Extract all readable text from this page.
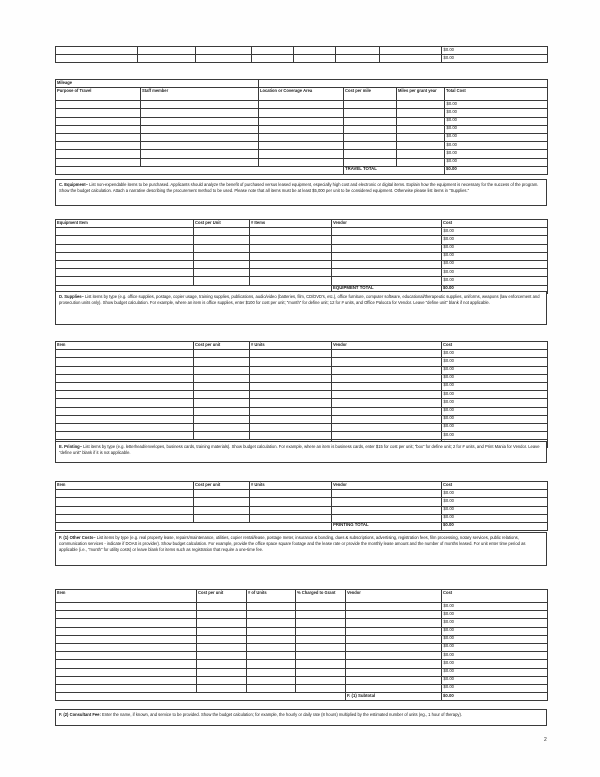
							$0.00
							$0.00
Mileage					
Purpose of Travel	Staff member	Location or Coverage Area	Cost per mile	Miles per grant year	Total Cost
					$0.00
					$0.00
					$0.00
					$0.00
					$0.00
					$0.00
					$0.00
					$0.00
			TRAVEL TOTAL		$0.00
C. Equipment– List non-expendable items to be purchased. Applicants should analyze the benefit of purchased versus leased equipment, especially high cost and electronic or digital items. Explain how the equipment is necessary for the success of the program. Show the budget calculation. Attach a narrative describing the procurement method to be used. Please note that all items must be at least $5,000 per unit to be considered equipment. Otherwise please list items in "Supplies."
Equipment Item	Cost per Unit	# Items	Vendor	Cost
				$0.00
				$0.00
				$0.00
				$0.00
				$0.00
				$0.00
				$0.00
			EQUIPMENT TOTAL	$0.00
D. Supplies– List items by type (e.g. office supplies, postage, copier usage, training supplies, publications, audio/video (batteries, film, CD/DVD's, etc.), office furniture, computer software, educational/therapeutic supplies, uniforms, weapons (law enforcement and prosecution units only). Show budget calculation. For example, where an item is office supplies, enter $100 for cost per unit; "month" for define unit; 12 for # units, and Office Palooza for Vendor. Leave "define unit" blank if not applicable.
Item	Cost per unit	# Units	Vendor	Cost
				$0.00
				$0.00
				$0.00
				$0.00
				$0.00
				$0.00
				$0.00
				$0.00
				$0.00
				$0.00
				$0.00

E. Printing– List items by type (e.g. letterhead/envelopes, business cards, training materials). Show budget calculation. For example, where an item is business cards, enter $15 for cost per unit; "box" for define unit; 2 for # units, and Print Mania for Vendor. Leave "define unit" blank if it is not applicable.
Item	Cost per unit	# Units	Vendor	Cost
				$0.00
				$0.00
				$0.00
				$0.00
			PRINTING TOTAL	$0.00
F. (1) Other Costs– List items by type (e.g. real property lease, repairs/maintenance, utilities, copier rental/lease, postage meter, insurance & bonding, dues & subscriptions, advertising, registration fees, film processing, notary services, public relations, communication services - indicate if DOAS is provider). Show budget calculation. For example, provide the office space square footage and the lease rate or provide the monthly lease amount and the number of months leased. For unit enter time period as applicable (i.e., "month" for utility costs) or leave blank for items such as registration that require a one-time fee.
Item	Cost per unit	# of Units	% Charged to Grant	Vendor	Cost
					$0.00
					$0.00
					$0.00
					$0.00
					$0.00
					$0.00
					$0.00
					$0.00
					$0.00
					$0.00
					$0.00
				F. (1) Subtotal	$0.00
F. (2) Consultant Fee: Enter the name, if known, and service to be provided. Show the budget calculation; for example, the hourly or daily rate (8 hours) multiplied by the estimated number of units (eg., 1 hour of therapy).
2
